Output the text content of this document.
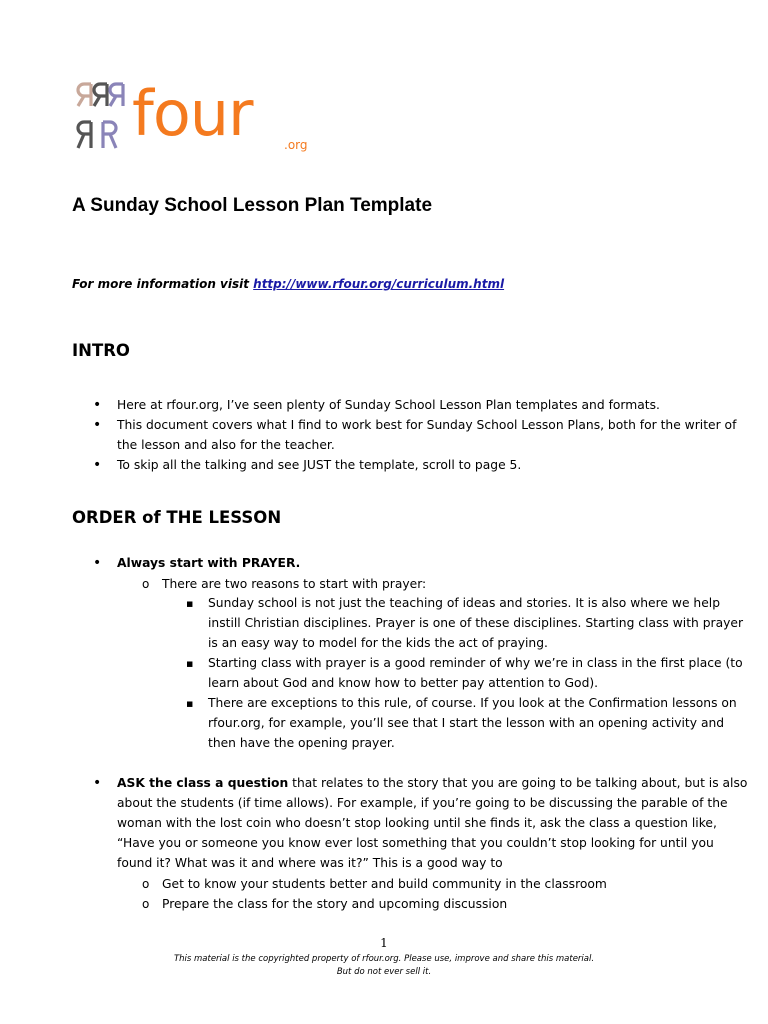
four	.org
A Sunday School Lesson Plan Template
For more information visit http://www.rfour.org/curriculum.html
INTRO
•
Here at rfour.org, I’ve seen plenty of Sunday School Lesson Plan templates and formats.
•
This document covers what I find to work best for Sunday School Lesson Plans, both for the writer of
the lesson and also for the teacher.
•
To skip all the talking and see JUST the template, scroll to page 5.
ORDER of THE LESSON
•
Always start with PRAYER.
o
There are two reasons to start with prayer:
▪
Sunday school is not just the teaching of ideas and stories. It is also where we help
instill Christian disciplines. Prayer is one of these disciplines. Starting class with prayer
is an easy way to model for the kids the act of praying.
▪
Starting class with prayer is a good reminder of why we’re in class in the first place (to
learn about God and know how to better pay attention to God).
▪
There are exceptions to this rule, of course. If you look at the Confirmation lessons on
rfour.org, for example, you’ll see that I start the lesson with an opening activity and
then have the opening prayer.
•
ASK the class a question that relates to the story that you are going to be talking about, but is also
about the students (if time allows). For example, if you’re going to be discussing the parable of the
woman with the lost coin who doesn’t stop looking until she finds it, ask the class a question like,
“Have you or someone you know ever lost something that you couldn’t stop looking for until you
found it? What was it and where was it?” This is a good way to
o
Get to know your students better and build community in the classroom
o
Prepare the class for the story and upcoming discussion
1
This material is the copyrighted property of rfour.org. Please use, improve and share this material.
But do not ever sell it.
